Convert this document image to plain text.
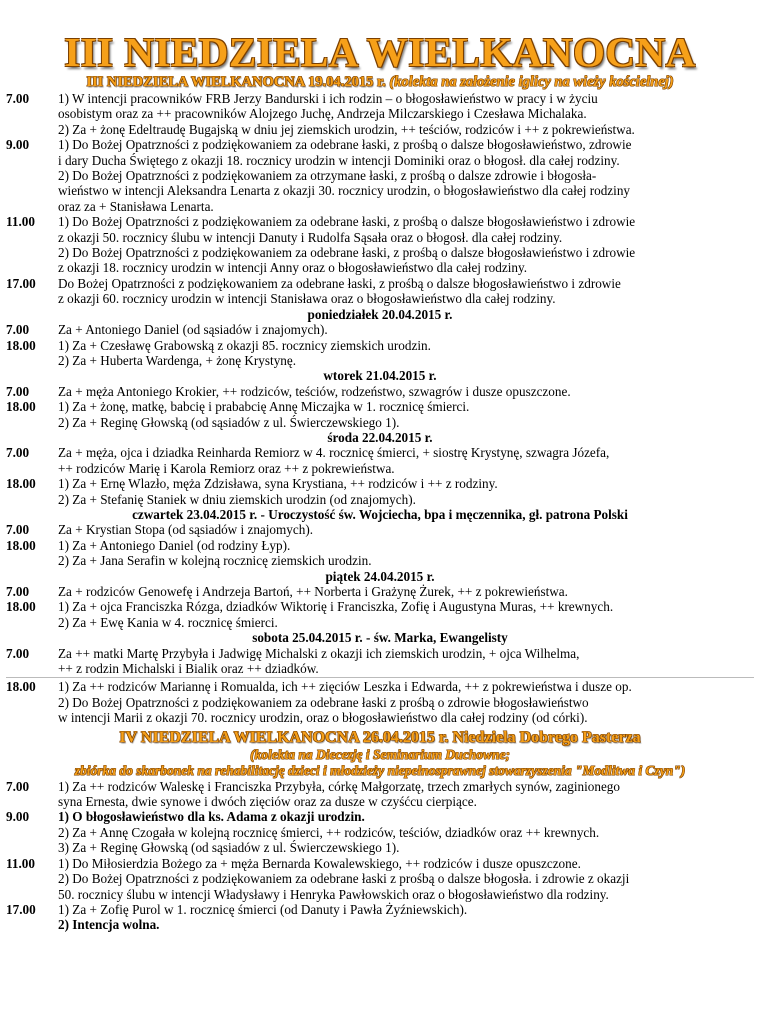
III NIEDZIELA WIELKANOCNA
III NIEDZIELA WIELKANOCNA 19.04.2015 r. (kolekta na założenie iglicy na wieży kościelnej)
7.00	1) W intencji pracowników FRB Jerzy Bandurski i ich rodzin – o błogosławieństwo w pracy i w życiu
osobistym oraz za ++ pracowników Alojzego Juchę, Andrzeja Milczarskiego i Czesława Michalaka.
2) Za + żonę Edeltraudę Bugajską w dniu jej ziemskich urodzin, ++ teściów, rodziców i ++ z pokrewieństwa.
9.00	1) Do Bożej Opatrzności z podziękowaniem za odebrane łaski, z prośbą o dalsze błogosławieństwo, zdrowie
i dary Ducha Świętego z okazji 18. rocznicy urodzin w intencji Dominiki oraz o błogosł. dla całej rodziny.
2) Do Bożej Opatrzności z podziękowaniem za otrzymane łaski, z prośbą o dalsze zdrowie i błogosła-
wieństwo w intencji Aleksandra Lenarta z okazji 30. rocznicy urodzin, o błogosławieństwo dla całej rodziny
oraz za + Stanisława Lenarta.
11.00	1) Do Bożej Opatrzności z podziękowaniem za odebrane łaski, z prośbą o dalsze błogosławieństwo i zdrowie
z okazji 50. rocznicy ślubu w intencji Danuty i Rudolfa Sąsała oraz o błogosł. dla całej rodziny.
2) Do Bożej Opatrzności z podziękowaniem za odebrane łaski, z prośbą o dalsze błogosławieństwo i zdrowie
z okazji 18. rocznicy urodzin w intencji Anny oraz o błogosławieństwo dla całej rodziny.
17.00	Do Bożej Opatrzności z podziękowaniem za odebrane łaski, z prośbą o dalsze błogosławieństwo i zdrowie
z okazji 60. rocznicy urodzin w intencji Stanisława oraz o błogosławieństwo dla całej rodziny.
poniedziałek 20.04.2015 r.
7.00	Za + Antoniego Daniel (od sąsiadów i znajomych).
18.00	1) Za + Czesławę Grabowską z okazji 85. rocznicy ziemskich urodzin.
2) Za + Huberta Wardenga, + żonę Krystynę.
wtorek 21.04.2015 r.
7.00	Za + męża Antoniego Krokier, ++ rodziców, teściów, rodzeństwo, szwagrów i dusze opuszczone.
18.00	1) Za + żonę, matkę, babcię i prababcię Annę Miczajka w 1. rocznicę śmierci.
2) Za + Reginę Głowską (od sąsiadów z ul. Świerczewskiego 1).
środa 22.04.2015 r.
7.00	Za + męża, ojca i dziadka Reinharda Remiorz w 4. rocznicę śmierci, + siostrę Krystynę, szwagra Józefa,
++ rodziców Marię i Karola Remiorz oraz ++ z pokrewieństwa.
18.00	1) Za + Ernę Wlazło, męża Zdzisława, syna Krystiana, ++ rodziców i ++ z rodziny.
2) Za + Stefanię Staniek w dniu ziemskich urodzin (od znajomych).
czwartek 23.04.2015 r. - Uroczystość św. Wojciecha, bpa i męczennika, gł. patrona Polski
7.00	Za + Krystian Stopa (od sąsiadów i znajomych).
18.00	1) Za + Antoniego Daniel (od rodziny Łyp).
2) Za + Jana Serafin w kolejną rocznicę ziemskich urodzin.
piątek 24.04.2015 r.
7.00	Za + rodziców Genowefę i Andrzeja Bartoń, ++ Norberta i Grażynę Żurek, ++ z pokrewieństwa.
18.00	1) Za + ojca Franciszka Rózga, dziadków Wiktorię i Franciszka, Zofię i Augustyna Muras, ++ krewnych.
2) Za + Ewę Kania w 4. rocznicę śmierci.
sobota 25.04.2015 r. - św. Marka, Ewangelisty
7.00	Za ++ matki Martę Przybyła i Jadwigę Michalski z okazji ich ziemskich urodzin, + ojca Wilhelma,
++ z rodzin Michalski i Bialik oraz ++ dziadków.
18.00	1) Za ++ rodziców Mariannę i Romualda, ich ++ zięciów Leszka i Edwarda, ++ z pokrewieństwa i dusze op.
2) Do Bożej Opatrzności z podziękowaniem za odebrane łaski z prośbą o zdrowie błogosławieństwo
w intencji Marii z okazji 70. rocznicy urodzin, oraz o błogosławieństwo dla całej rodziny (od córki).
IV NIEDZIELA WIELKANOCNA 26.04.2015 r. Niedziela Dobrego Pasterza
(kolekta na Diecezję i Seminarium Duchowne;
zbiórka do skarbonek na rehabilitację dzieci i młodzieży niepełnosprawnej stowarzyszenia "Modlitwa i Czyn")
7.00	1) Za ++ rodziców Waleskę i Franciszka Przybyła, córkę Małgorzatę, trzech zmarłych synów, zaginionego
syna Ernesta, dwie synowe i dwóch zięciów oraz za dusze w czyśćcu cierpiące.
9.00	1) O błogosławieństwo dla ks. Adama z okazji urodzin.
2) Za + Annę Czogała w kolejną rocznicę śmierci, ++ rodziców, teściów, dziadków oraz ++ krewnych.
3) Za + Reginę Głowską (od sąsiadów z ul. Świerczewskiego 1).
11.00	1) Do Miłosierdzia Bożego za + męża Bernarda Kowalewskiego, ++ rodziców i dusze opuszczone.
2) Do Bożej Opatrzności z podziękowaniem za odebrane łaski z prośbą o dalsze błogosła. i zdrowie z okazji
50. rocznicy ślubu w intencji Władysławy i Henryka Pawłowskich oraz o błogosławieństwo dla rodziny.
17.00	1) Za + Zofię Purol w 1. rocznicę śmierci (od Danuty i Pawła Żyźniewskich).
2) Intencja wolna.
